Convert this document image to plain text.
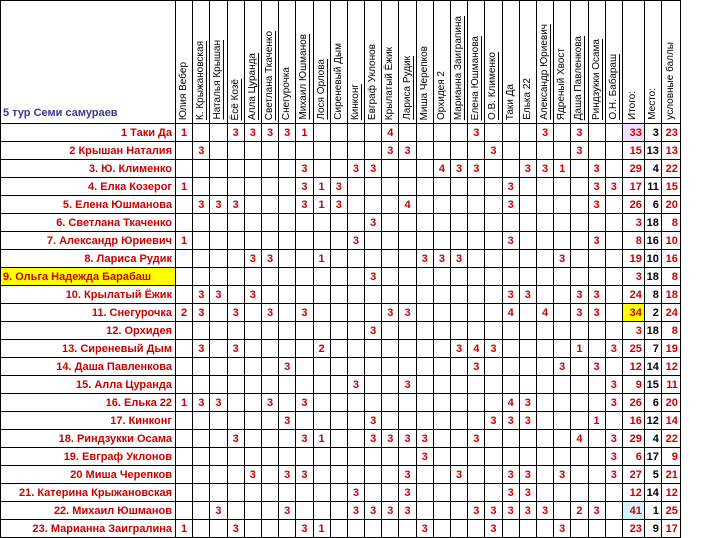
5 тур Семи самураев	Юлия Вебер	К. Крыжановская	Наталья Крышан	Ёсё Козё	Алла Цуранда	Светлана Ткаченко	Снегурочка	Михаил Юшманов	Лося Орлова	Сиреневый Дым	Кинконг	Евграф Уклонов	Крылатый Ёжик	Лариса Рудик	Миша Черепков	Орхидея 2	Марианна Заиграпина	Елена Юшманова	О.В. Клименко	Таки Да	Елька 22	Александр Юриевич	Ядреный Хвост	Даша Павленкова	Риндзукки Осама	О.Н. Бабараш	Итого:	Место:	условные баллы
1 Таки Да	1			3	3	3	3	1					4					3				3		3			33	3	23
2 Крышан Наталия		3											3	3					3					3			15	13	13
3. Ю. Клименко								3			3	3				4	3	3			3	3	1		3		29	4	22
4. Елка Козерог	1							3	1	3										3					3	3	17	11	15
5. Елена Юшманова		3	3	3				3	1	3				4						3					3		26	6	20
6. Светлана Ткаченко												3															3	18	8
7. Александр Юриевич	1										3									3					3		8	16	10
8. Лариса Рудик					3	3			1						3	3	3						3				19	10	16
9. Ольга Надежда Барабаш												3															3	18	8
10. Крылатый Ёжик		3	3		3															3	3			3	3		24	8	18
11. Снегурочка	2	3		3		3		3					3	3						4		4		3	3		34	2	24
12. Орхидея												3															3	18	8
13. Сиреневый Дым		3		3					2								3	4	3					1		3	25	7	19
14. Даша Павленкова							3											3					3		3		12	14	12
15. Алла Цуранда											3			3												3	9	15	11
16. Елька 22	1	3	3			3		3												4	3					3	26	6	20
17. Кинконг							3					3							3	3	3				1		16	12	14
18. Риндзукки Осама				3				3	1			3	3	3	3			3						4		3	29	4	22
19. Евграф Уклонов															3											3	6	17	9
20 Миша Черепков					3		3	3						3			3			3	3		3			3	27	5	21
21. Катерина Крыжановская											3			3						3	3						12	14	12
22. Михаил Юшманов			3				3				3	3	3	3				3	3	3	3	3		2	3		41	1	25
23. Марианна Заигралина	1			3				3	1						3				3				3				23	9	17
